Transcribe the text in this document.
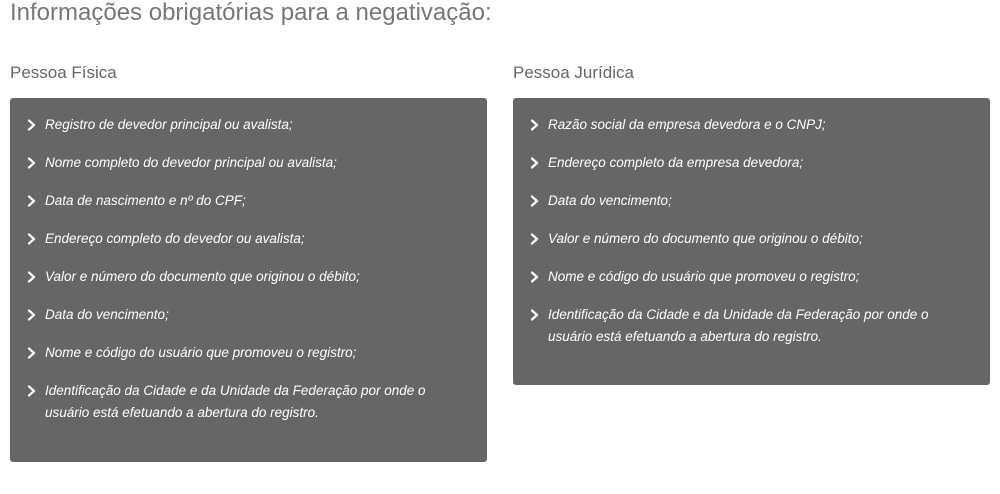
Informações obrigatórias para a negativação:
Pessoa Física
Registro de devedor principal ou avalista;
Nome completo do devedor principal ou avalista;
Data de nascimento e nº do CPF;
Endereço completo do devedor ou avalista;
Valor e número do documento que originou o débito;
Data do vencimento;
Nome e código do usuário que promoveu o registro;
Identificação da Cidade e da Unidade da Federação por onde o usuário está efetuando a abertura do registro.
Pessoa Jurídica
Razão social da empresa devedora e o CNPJ;
Endereço completo da empresa devedora;
Data do vencimento;
Valor e número do documento que originou o débito;
Nome e código do usuário que promoveu o registro;
Identificação da Cidade e da Unidade da Federação por onde o usuário está efetuando a abertura do registro.
